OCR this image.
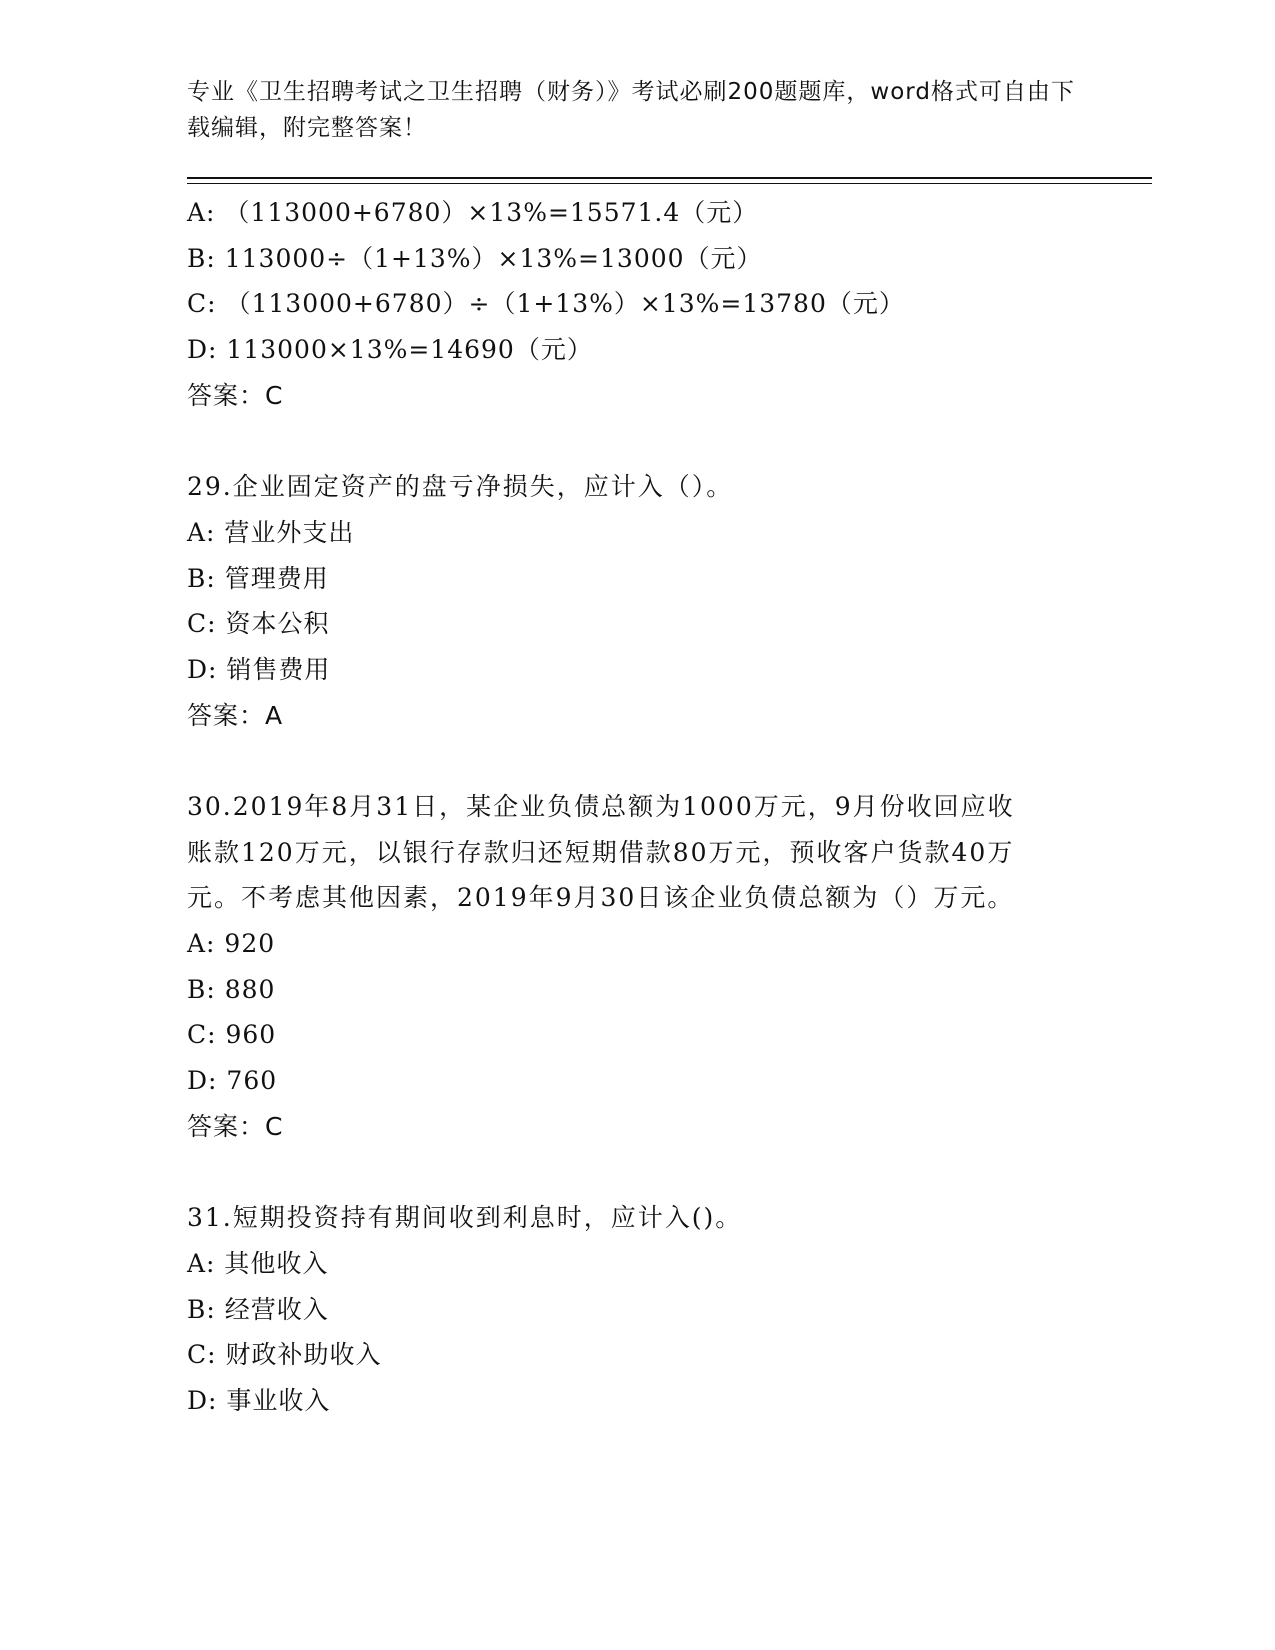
专业《卫生招聘考试之卫生招聘（财务）》考试必刷200题题库，word格式可自由下载编辑，附完整答案！
A: （113000+6780）×13%=15571.4（元）
B: 113000÷（1+13%）×13%=13000（元）
C: （113000+6780）÷（1+13%）×13%=13780（元）
D: 113000×13%=14690（元）
答案：C
29.企业固定资产的盘亏净损失，应计入（）。
A: 营业外支出
B: 管理费用
C: 资本公积
D: 销售费用
答案：A
30.2019年8月31日，某企业负债总额为1000万元，9月份收回应收账款120万元，以银行存款归还短期借款80万元，预收客户货款40万元。不考虑其他因素，2019年9月30日该企业负债总额为（）万元。
A: 920
B: 880
C: 960
D: 760
答案：C
31.短期投资持有期间收到利息时，应计入()。
A: 其他收入
B: 经营收入
C: 财政补助收入
D: 事业收入
